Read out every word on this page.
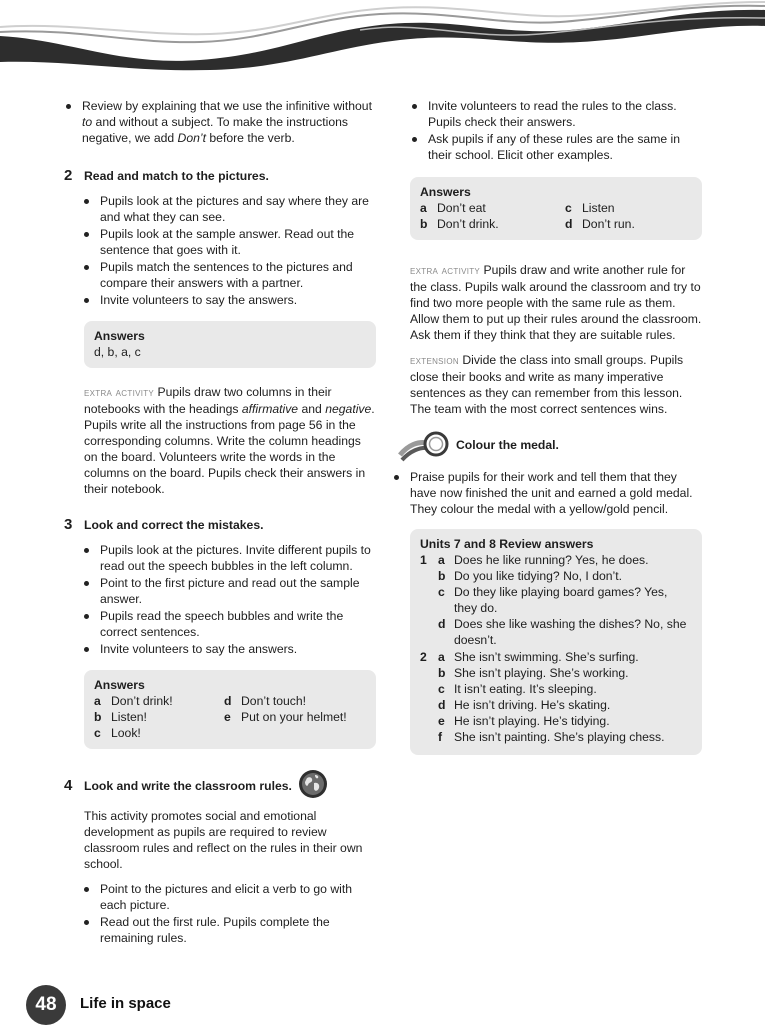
Review by explaining that we use the infinitive without to and without a subject. To make the instructions negative, we add Don’t before the verb.
2 Read and match to the pictures.
Pupils look at the pictures and say where they are and what they can see.
Pupils look at the sample answer. Read out the sentence that goes with it.
Pupils match the sentences to the pictures and compare their answers with a partner.
Invite volunteers to say the answers.
Answers
d, b, a, c

extra activity Pupils draw two columns in their notebooks with the headings affirmative and negative. Pupils write all the instructions from page 56 in the corresponding columns. Write the column headings on the board. Volunteers write the words in the columns on the board. Pupils check their answers in their notebook.

3 Look and correct the mistakes.
Pupils look at the pictures. Invite different pupils to read out the speech bubbles in the left column.
Point to the first picture and read out the sample answer.
Pupils read the speech bubbles and write the correct sentences.
Invite volunteers to say the answers.
Answers
a Don’t drink!	d Don’t touch!
b Listen!	e Put on your helmet!
c Look!
4 Look and write the classroom rules.

This activity promotes social and emotional development as pupils are required to review classroom rules and reflect on the rules in their own school.

Point to the pictures and elicit a verb to go with each picture.
Read out the first rule. Pupils complete the remaining rules.
Invite volunteers to read the rules to the class. Pupils check their answers.
Ask pupils if any of these rules are the same in their school. Elicit other examples.
Answers
a Don’t eat	c Listen
b Don’t drink.	d Don’t run.

extra activity Pupils draw and write another rule for the class. Pupils walk around the classroom and try to find two more people with the same rule as them. Allow them to put up their rules around the classroom. Ask them if they think that they are suitable rules.

extension Divide the class into small groups. Pupils close their books and write as many imperative sentences as they can remember from this lesson. The team with the most correct sentences wins.

Colour the medal.
Praise pupils for their work and tell them that they have now finished the unit and earned a gold medal. They colour the medal with a yellow/gold pencil.
Units 7 and 8 Review answers
1 a Does he like running? Yes, he does.
b Do you like tidying? No, I don’t.
c Do they like playing board games? Yes, they do.
d Does she like washing the dishes? No, she doesn’t.
2 a She isn’t swimming. She’s surfing.
b She isn’t playing. She’s working.
c It isn’t eating. It’s sleeping.
d He isn’t driving. He’s skating.
e He isn’t playing. He’s tidying.
f She isn’t painting. She’s playing chess.
48	Life in space
